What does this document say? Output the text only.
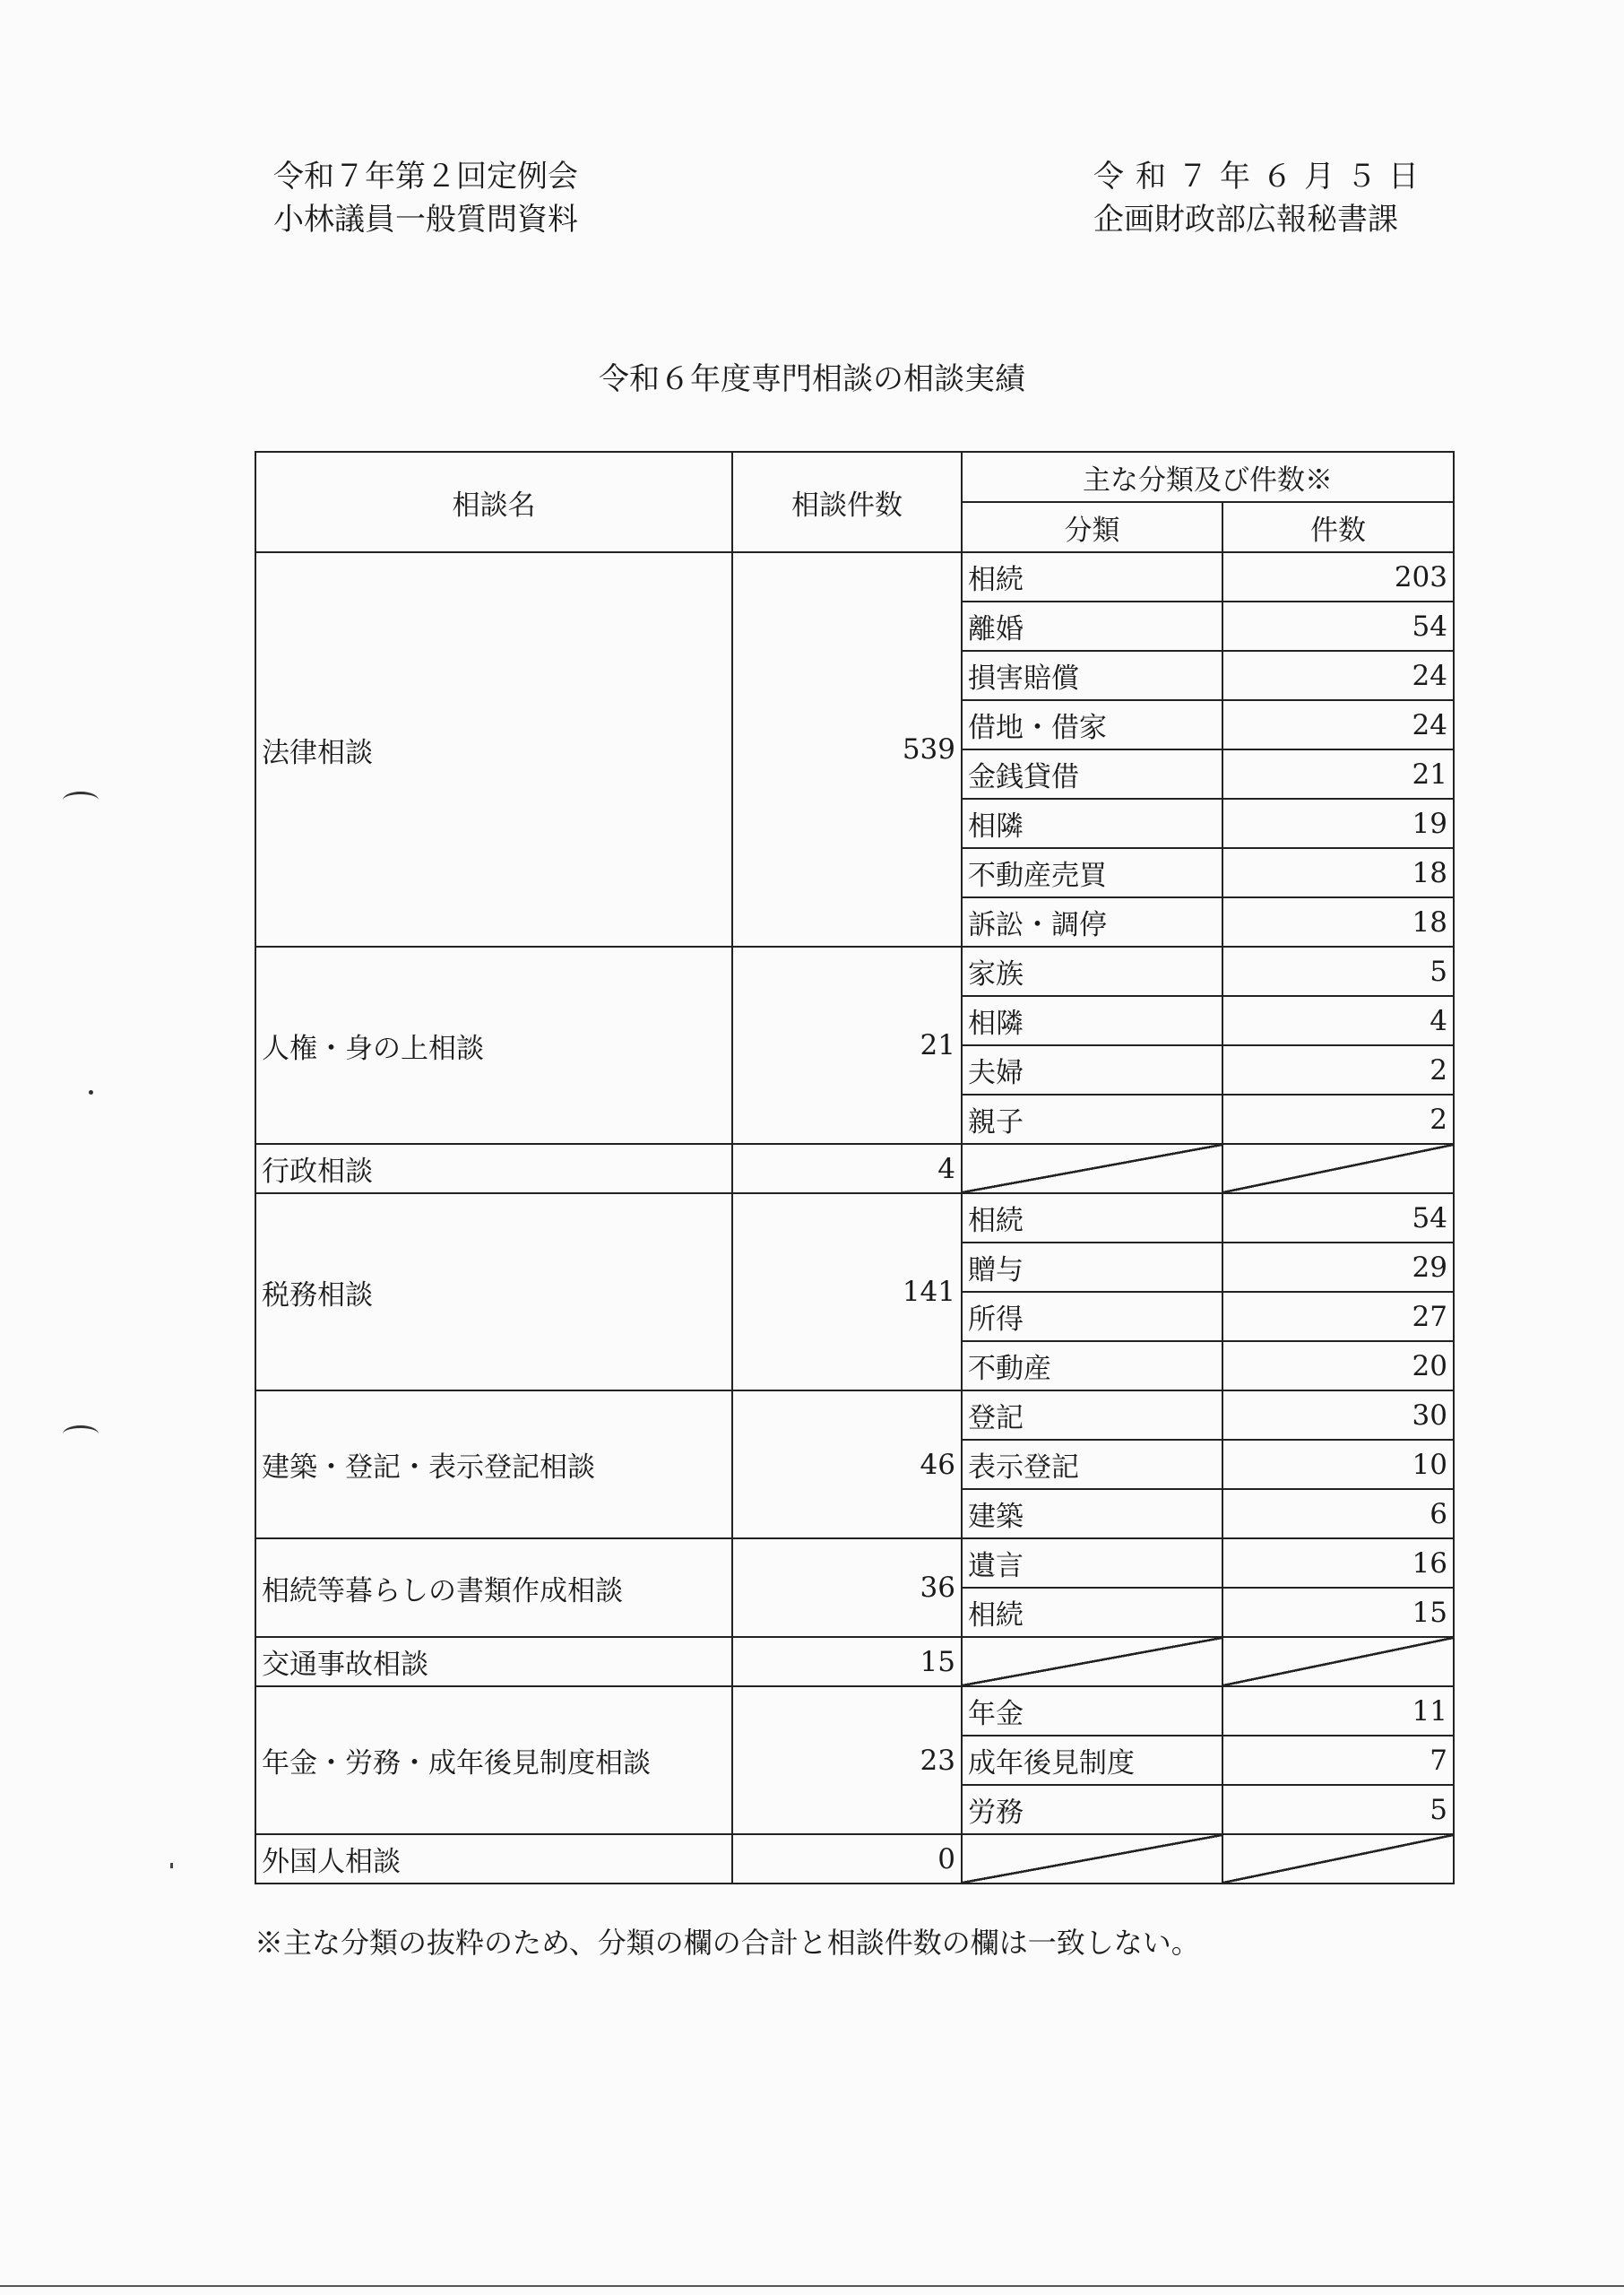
令和７年第２回定例会
小林議員一般質問資料
令和７年６月５日
企画財政部広報秘書課
令和６年度専門相談の相談実績
相談名	相談件数	主な分類及び件数※	
		分類	件数
法律相談	539	相続	203
		離婚	54
		損害賠償	24
		借地・借家	24
		金銭貸借	21
		相隣	19
		不動産売買	18
		訴訟・調停	18
人権・身の上相談	21	家族	5
		相隣	4
		夫婦	2
		親子	2
行政相談	4		
税務相談	141	相続	54
		贈与	29
		所得	27
		不動産	20
建築・登記・表示登記相談	46	登記	30
		表示登記	10
		建築	6
相続等暮らしの書類作成相談	36	遺言	16
		相続	15
交通事故相談	15		
年金・労務・成年後見制度相談	23	年金	11
		成年後見制度	7
		労務	5
外国人相談	0		
※主な分類の抜粋のため、分類の欄の合計と相談件数の欄は一致しない。
